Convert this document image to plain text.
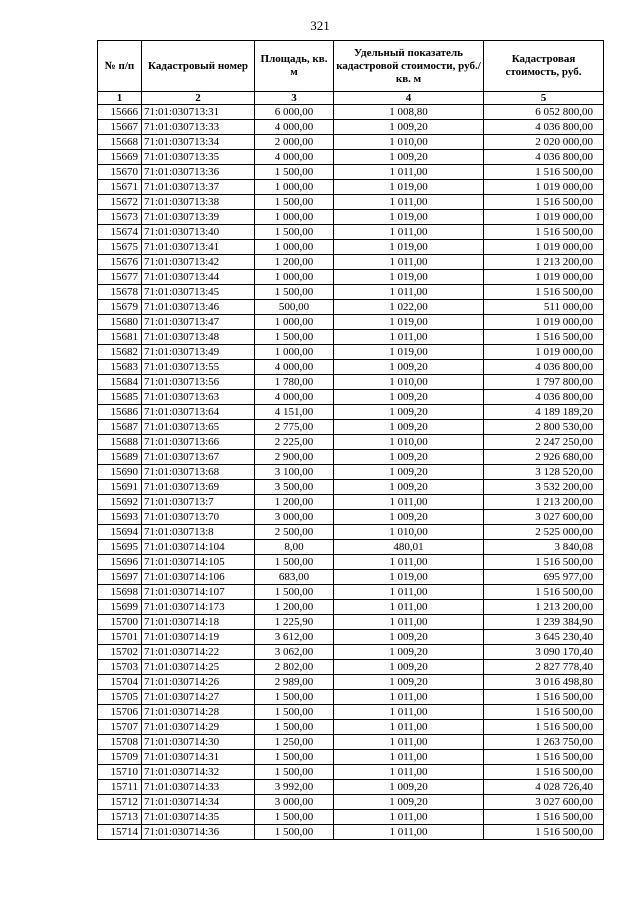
321
№ п/п	Кадастровый номер	Площадь, кв. м	Удельный показатель кадастровой стоимости, руб./кв. м	Кадастровая стоимость, руб.
1	2	3	4	5
15666	71:01:030713:31	6 000,00	1 008,80	6 052 800,00
15667	71:01:030713:33	4 000,00	1 009,20	4 036 800,00
15668	71:01:030713:34	2 000,00	1 010,00	2 020 000,00
15669	71:01:030713:35	4 000,00	1 009,20	4 036 800,00
15670	71:01:030713:36	1 500,00	1 011,00	1 516 500,00
15671	71:01:030713:37	1 000,00	1 019,00	1 019 000,00
15672	71:01:030713:38	1 500,00	1 011,00	1 516 500,00
15673	71:01:030713:39	1 000,00	1 019,00	1 019 000,00
15674	71:01:030713:40	1 500,00	1 011,00	1 516 500,00
15675	71:01:030713:41	1 000,00	1 019,00	1 019 000,00
15676	71:01:030713:42	1 200,00	1 011,00	1 213 200,00
15677	71:01:030713:44	1 000,00	1 019,00	1 019 000,00
15678	71:01:030713:45	1 500,00	1 011,00	1 516 500,00
15679	71:01:030713:46	500,00	1 022,00	511 000,00
15680	71:01:030713:47	1 000,00	1 019,00	1 019 000,00
15681	71:01:030713:48	1 500,00	1 011,00	1 516 500,00
15682	71:01:030713:49	1 000,00	1 019,00	1 019 000,00
15683	71:01:030713:55	4 000,00	1 009,20	4 036 800,00
15684	71:01:030713:56	1 780,00	1 010,00	1 797 800,00
15685	71:01:030713:63	4 000,00	1 009,20	4 036 800,00
15686	71:01:030713:64	4 151,00	1 009,20	4 189 189,20
15687	71:01:030713:65	2 775,00	1 009,20	2 800 530,00
15688	71:01:030713:66	2 225,00	1 010,00	2 247 250,00
15689	71:01:030713:67	2 900,00	1 009,20	2 926 680,00
15690	71:01:030713:68	3 100,00	1 009,20	3 128 520,00
15691	71:01:030713:69	3 500,00	1 009,20	3 532 200,00
15692	71:01:030713:7	1 200,00	1 011,00	1 213 200,00
15693	71:01:030713:70	3 000,00	1 009,20	3 027 600,00
15694	71:01:030713:8	2 500,00	1 010,00	2 525 000,00
15695	71:01:030714:104	8,00	480,01	3 840,08
15696	71:01:030714:105	1 500,00	1 011,00	1 516 500,00
15697	71:01:030714:106	683,00	1 019,00	695 977,00
15698	71:01:030714:107	1 500,00	1 011,00	1 516 500,00
15699	71:01:030714:173	1 200,00	1 011,00	1 213 200,00
15700	71:01:030714:18	1 225,90	1 011,00	1 239 384,90
15701	71:01:030714:19	3 612,00	1 009,20	3 645 230,40
15702	71:01:030714:22	3 062,00	1 009,20	3 090 170,40
15703	71:01:030714:25	2 802,00	1 009,20	2 827 778,40
15704	71:01:030714:26	2 989,00	1 009,20	3 016 498,80
15705	71:01:030714:27	1 500,00	1 011,00	1 516 500,00
15706	71:01:030714:28	1 500,00	1 011,00	1 516 500,00
15707	71:01:030714:29	1 500,00	1 011,00	1 516 500,00
15708	71:01:030714:30	1 250,00	1 011,00	1 263 750,00
15709	71:01:030714:31	1 500,00	1 011,00	1 516 500,00
15710	71:01:030714:32	1 500,00	1 011,00	1 516 500,00
15711	71:01:030714:33	3 992,00	1 009,20	4 028 726,40
15712	71:01:030714:34	3 000,00	1 009,20	3 027 600,00
15713	71:01:030714:35	1 500,00	1 011,00	1 516 500,00
15714	71:01:030714:36	1 500,00	1 011,00	1 516 500,00
